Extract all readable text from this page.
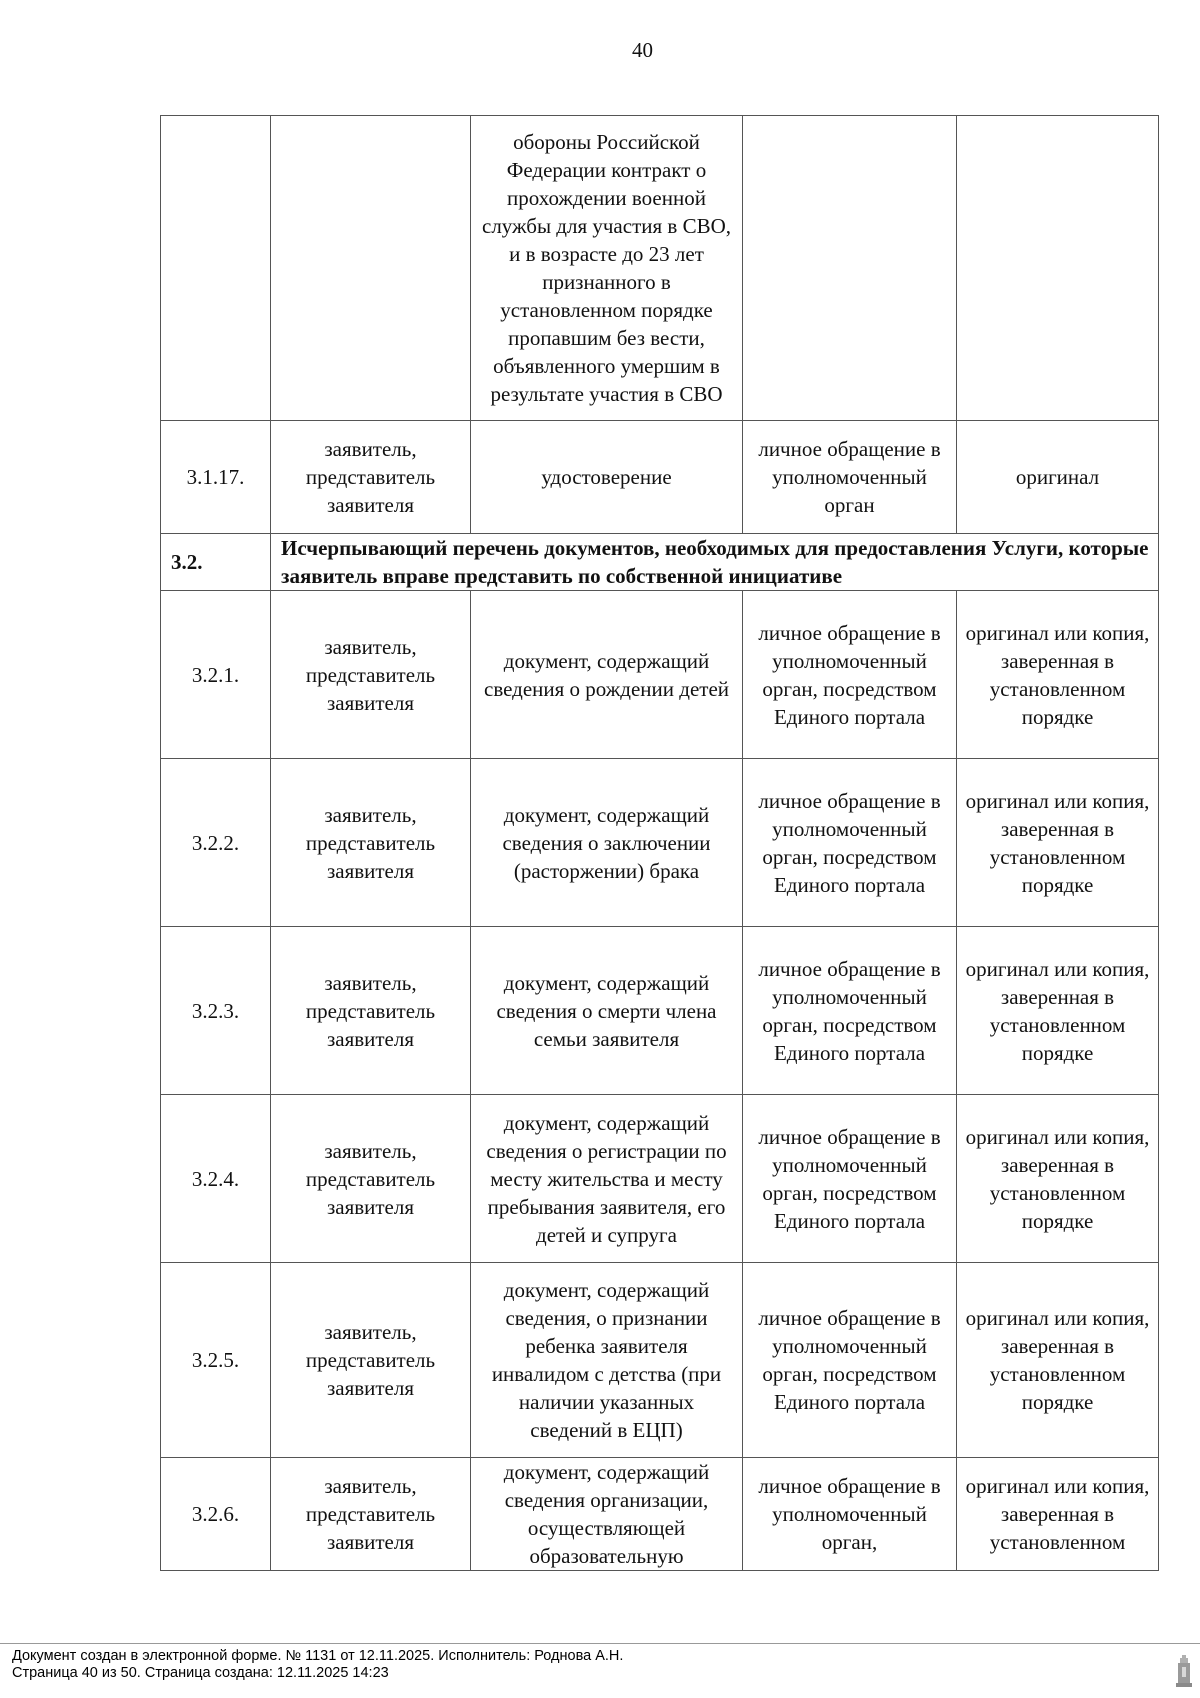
40
		обороны Российской Федерации контракт о прохождении военной службы для участия в СВО, и в возрасте до 23 лет признанного в установленном порядке пропавшим без вести, объявленного умершим в результате участия в СВО		
3.1.17.	заявитель, представитель заявителя	удостоверение	личное обращение в уполномоченный орган	оригинал
3.2.	Исчерпывающий перечень документов, необходимых для предоставления Услуги, которые заявитель вправе представить по собственной инициативе			
3.2.1.	заявитель, представитель заявителя	документ, содержащий сведения о рождении детей	личное обращение в уполномоченный орган, посредством Единого портала	оригинал или копия, заверенная в установленном порядке
3.2.2.	заявитель, представитель заявителя	документ, содержащий сведения о заключении (расторжении) брака	личное обращение в уполномоченный орган, посредством Единого портала	оригинал или копия, заверенная в установленном порядке
3.2.3.	заявитель, представитель заявителя	документ, содержащий сведения о смерти члена семьи заявителя	личное обращение в уполномоченный орган, посредством Единого портала	оригинал или копия, заверенная в установленном порядке
3.2.4.	заявитель, представитель заявителя	документ, содержащий сведения о регистрации по месту жительства и месту пребывания заявителя, его детей и супруга	личное обращение в уполномоченный орган, посредством Единого портала	оригинал или копия, заверенная в установленном порядке
3.2.5.	заявитель, представитель заявителя	документ, содержащий сведения, о признании ребенка заявителя инвалидом с детства (при наличии указанных сведений в ЕЦП)	личное обращение в уполномоченный орган, посредством Единого портала	оригинал или копия, заверенная в установленном порядке
3.2.6.	заявитель, представитель заявителя	документ, содержащий сведения организации, осуществляющей образовательную	личное обращение в уполномоченный орган,	оригинал или копия, заверенная в установленном
Документ создан в электронной форме. № 1131 от 12.11.2025. Исполнитель: Роднова А.Н.
Страница 40 из 50. Страница создана: 12.11.2025 14:23
